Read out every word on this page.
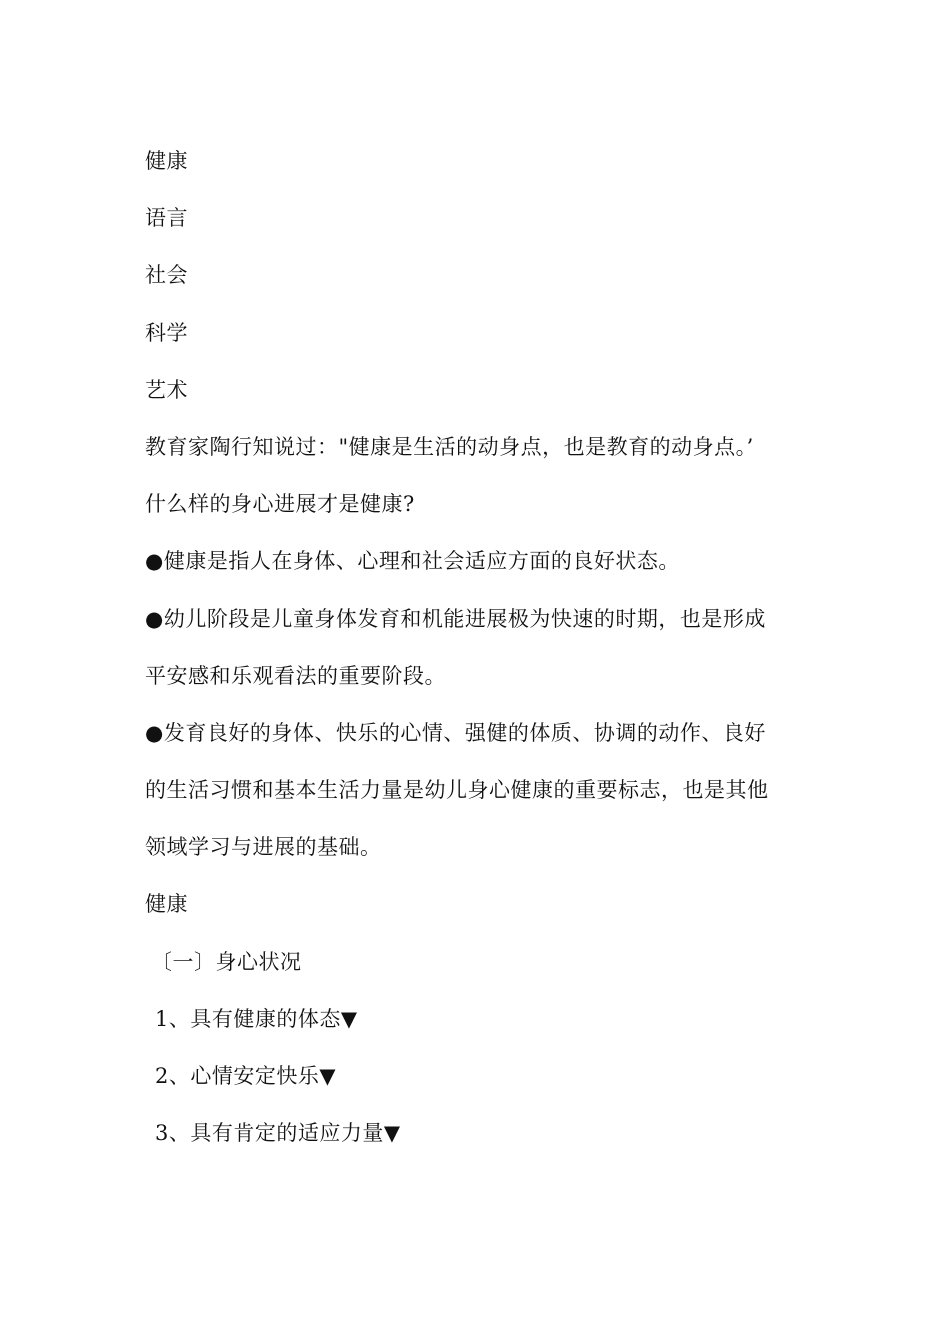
健康
语言
社会
科学
艺术
教育家陶行知说过："健康是生活的动身点，也是教育的动身点。’
什么样的身心进展才是健康?
●健康是指人在身体、心理和社会适应方面的良好状态。
●幼儿阶段是儿童身体发育和机能进展极为快速的时期，也是形成
平安感和乐观看法的重要阶段。
●发育良好的身体、快乐的心情、强健的体质、协调的动作、良好
的生活习惯和基本生活力量是幼儿身心健康的重要标志，也是其他
领域学习与进展的基础。
健康
〔一〕身心状况
1、具有健康的体态▼
2、心情安定快乐▼
3、具有肯定的适应力量▼
